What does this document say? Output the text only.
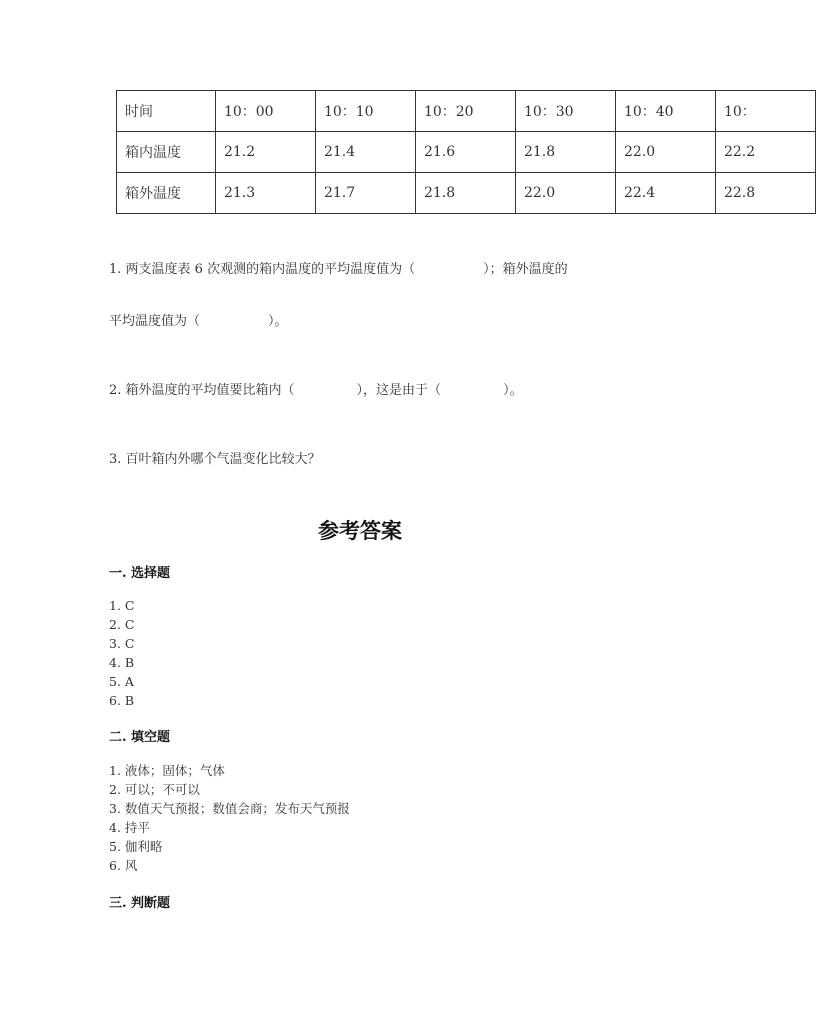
时间	10：00	10：10	10：20	10：30	10：40	10：
箱内温度	21.2	21.4	21.6	21.8	22.0	22.2
箱外温度	21.3	21.7	21.8	22.0	22.4	22.8
1. 两支温度表 6 次观测的箱内温度的平均温度值为（	）；箱外温度的
平均温度值为（	）。
2. 箱外温度的平均值要比箱内（	），这是由于（	）。
3. 百叶箱内外哪个气温变化比较大？
参考答案
一. 选择题
1. C
2. C
3. C
4. B
5. A
6. B
二. 填空题
1. 液体；固体；气体
2. 可以；不可以
3. 数值天气预报；数值会商；发布天气预报
4. 持平
5. 伽利略
6. 风
三. 判断题
